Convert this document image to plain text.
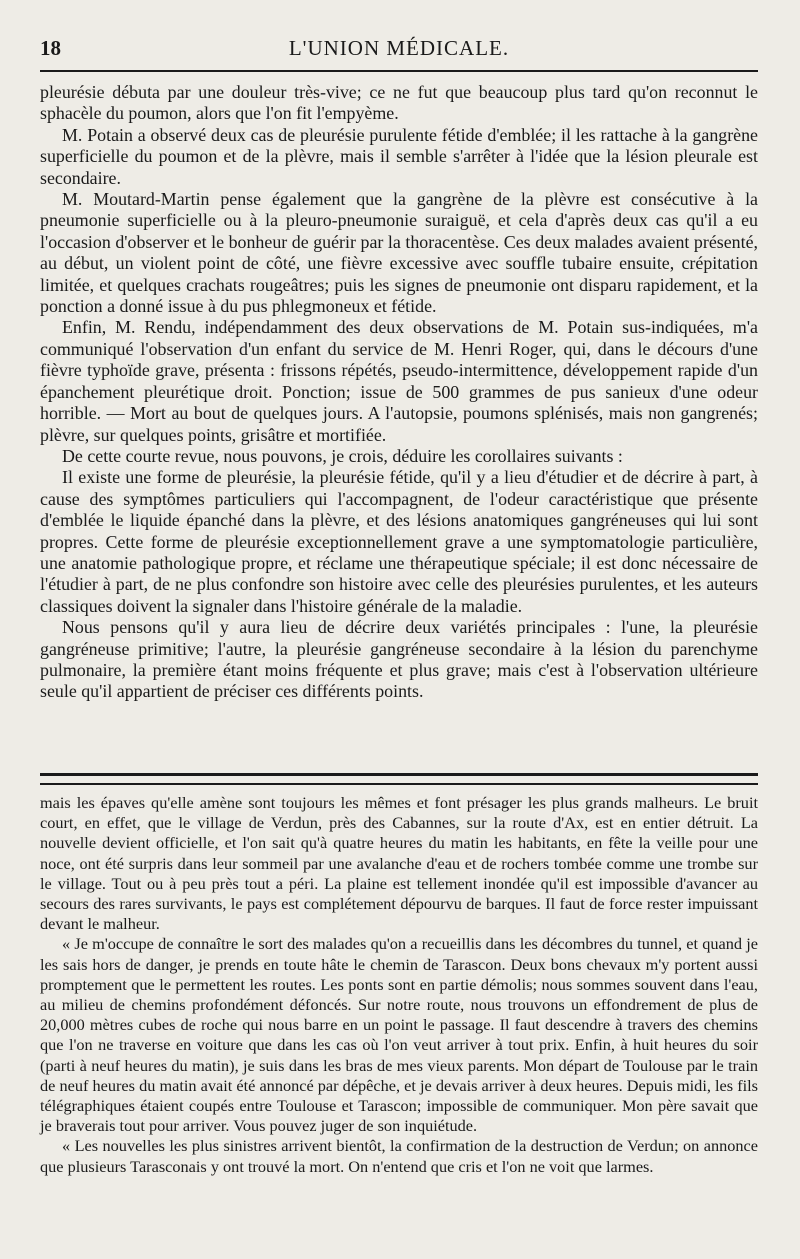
18	L'UNION MÉDICALE.

pleurésie débuta par une douleur très-vive; ce ne fut que beaucoup plus tard qu'on reconnut le sphacèle du poumon, alors que l'on fit l'empyème.

M. Potain a observé deux cas de pleurésie purulente fétide d'emblée; il les rattache à la gangrène superficielle du poumon et de la plèvre, mais il semble s'arrêter à l'idée que la lésion pleurale est secondaire.

M. Moutard-Martin pense également que la gangrène de la plèvre est consécutive à la pneumonie superficielle ou à la pleuro-pneumonie suraiguë, et cela d'après deux cas qu'il a eu l'occasion d'observer et le bonheur de guérir par la thoracentèse. Ces deux malades avaient présenté, au début, un violent point de côté, une fièvre excessive avec souffle tubaire ensuite, crépitation limitée, et quelques crachats rougeâtres; puis les signes de pneumonie ont disparu rapidement, et la ponction a donné issue à du pus phlegmoneux et fétide.

Enfin, M. Rendu, indépendamment des deux observations de M. Potain sus-indiquées, m'a communiqué l'observation d'un enfant du service de M. Henri Roger, qui, dans le décours d'une fièvre typhoïde grave, présenta : frissons répétés, pseudo-intermittence, développement rapide d'un épanchement pleurétique droit. Ponction; issue de 500 grammes de pus sanieux d'une odeur horrible. — Mort au bout de quelques jours. A l'autopsie, poumons splénisés, mais non gangrenés; plèvre, sur quelques points, grisâtre et mortifiée.

De cette courte revue, nous pouvons, je crois, déduire les corollaires suivants :

Il existe une forme de pleurésie, la pleurésie fétide, qu'il y a lieu d'étudier et de décrire à part, à cause des symptômes particuliers qui l'accompagnent, de l'odeur caractéristique que présente d'emblée le liquide épanché dans la plèvre, et des lésions anatomiques gangréneuses qui lui sont propres. Cette forme de pleurésie exceptionnellement grave a une symptomatologie particulière, une anatomie pathologique propre, et réclame une thérapeutique spéciale; il est donc nécessaire de l'étudier à part, de ne plus confondre son histoire avec celle des pleurésies purulentes, et les auteurs classiques doivent la signaler dans l'histoire générale de la maladie.

Nous pensons qu'il y aura lieu de décrire deux variétés principales : l'une, la pleurésie gangréneuse primitive; l'autre, la pleurésie gangréneuse secondaire à la lésion du parenchyme pulmonaire, la première étant moins fréquente et plus grave; mais c'est à l'observation ultérieure seule qu'il appartient de préciser ces différents points.

mais les épaves qu'elle amène sont toujours les mêmes et font présager les plus grands malheurs. Le bruit court, en effet, que le village de Verdun, près des Cabannes, sur la route d'Ax, est en entier détruit. La nouvelle devient officielle, et l'on sait qu'à quatre heures du matin les habitants, en fête la veille pour une noce, ont été surpris dans leur sommeil par une avalanche d'eau et de rochers tombée comme une trombe sur le village. Tout ou à peu près tout a péri. La plaine est tellement inondée qu'il est impossible d'avancer au secours des rares survivants, le pays est complétement dépourvu de barques. Il faut de force rester impuissant devant le malheur.

« Je m'occupe de connaître le sort des malades qu'on a recueillis dans les décombres du tunnel, et quand je les sais hors de danger, je prends en toute hâte le chemin de Tarascon. Deux bons chevaux m'y portent aussi promptement que le permettent les routes. Les ponts sont en partie démolis; nous sommes souvent dans l'eau, au milieu de chemins profondément défoncés. Sur notre route, nous trouvons un effondrement de plus de 20,000 mètres cubes de roche qui nous barre en un point le passage. Il faut descendre à travers des chemins que l'on ne traverse en voiture que dans les cas où l'on veut arriver à tout prix. Enfin, à huit heures du soir (parti à neuf heures du matin), je suis dans les bras de mes vieux parents. Mon départ de Toulouse par le train de neuf heures du matin avait été annoncé par dépêche, et je devais arriver à deux heures. Depuis midi, les fils télégraphiques étaient coupés entre Toulouse et Tarascon; impossible de communiquer. Mon père savait que je braverais tout pour arriver. Vous pouvez juger de son inquiétude.

« Les nouvelles les plus sinistres arrivent bientôt, la confirmation de la destruction de Verdun; on annonce que plusieurs Tarasconais y ont trouvé la mort. On n'entend que cris et l'on ne voit que larmes.
